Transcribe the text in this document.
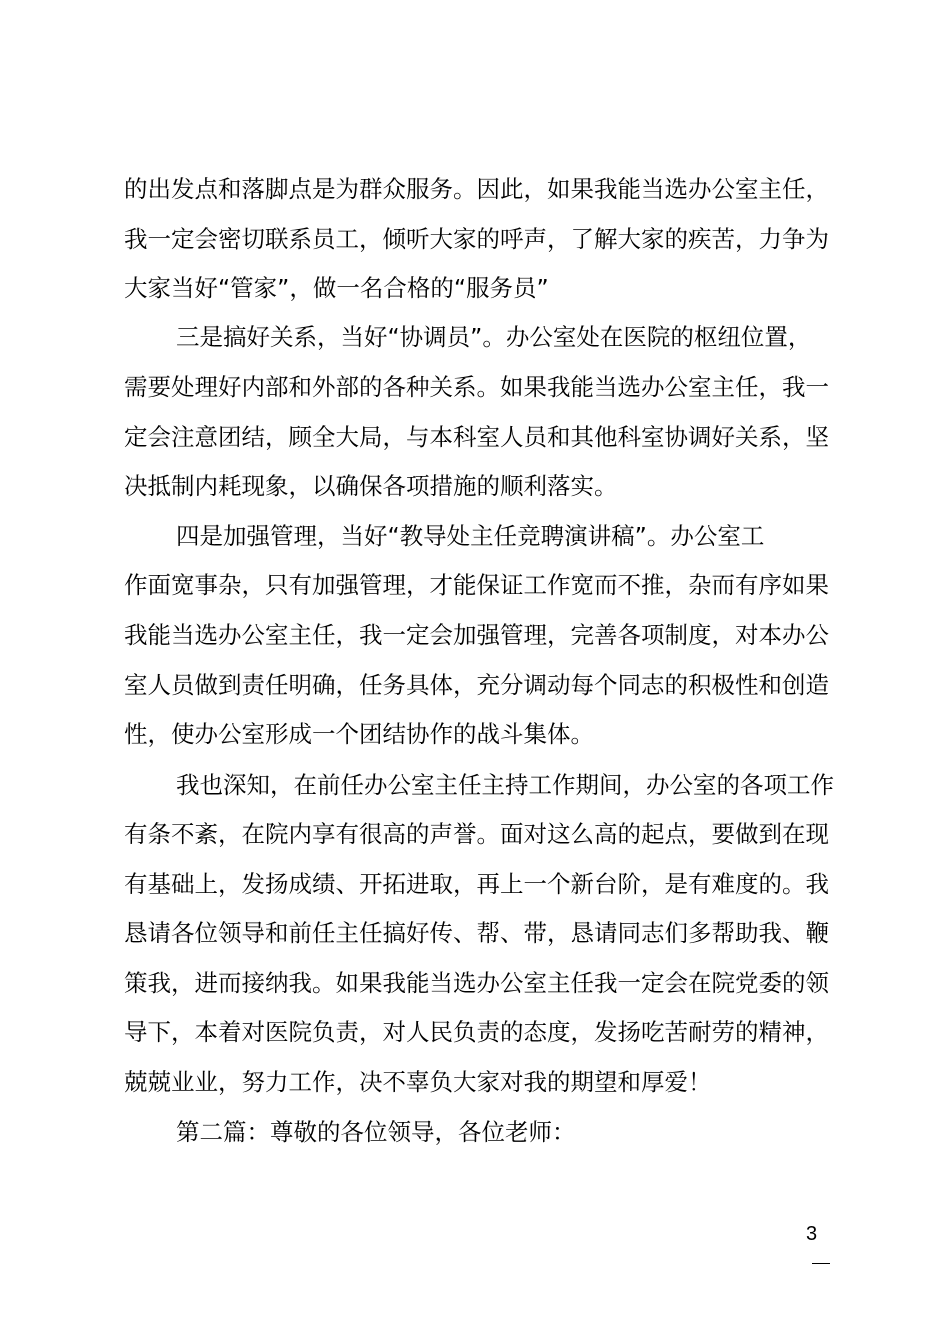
的出发点和落脚点是为群众服务。因此，如果我能当选办公室主任，
我一定会密切联系员工，倾听大家的呼声，了解大家的疾苦，力争为
大家当好“管家”，做一名合格的“服务员”
三是搞好关系，当好“协调员”。办公室处在医院的枢纽位置，
需要处理好内部和外部的各种关系。如果我能当选办公室主任，我一
定会注意团结，顾全大局，与本科室人员和其他科室协调好关系，坚
决抵制内耗现象，以确保各项措施的顺利落实。
四是加强管理，当好“教导处主任竞聘演讲稿”。办公室工
作面宽事杂，只有加强管理，才能保证工作宽而不推，杂而有序如果
我能当选办公室主任，我一定会加强管理，完善各项制度，对本办公
室人员做到责任明确，任务具体，充分调动每个同志的积极性和创造
性，使办公室形成一个团结协作的战斗集体。
我也深知，在前任办公室主任主持工作期间，办公室的各项工作
有条不紊，在院内享有很高的声誉。面对这么高的起点，要做到在现
有基础上，发扬成绩、开拓进取，再上一个新台阶，是有难度的。我
恳请各位领导和前任主任搞好传、帮、带，恳请同志们多帮助我、鞭
策我，进而接纳我。如果我能当选办公室主任我一定会在院党委的领
导下，本着对医院负责，对人民负责的态度，发扬吃苦耐劳的精神，
兢兢业业，努力工作，决不辜负大家对我的期望和厚爱！
第二篇：尊敬的各位领导，各位老师：
3
